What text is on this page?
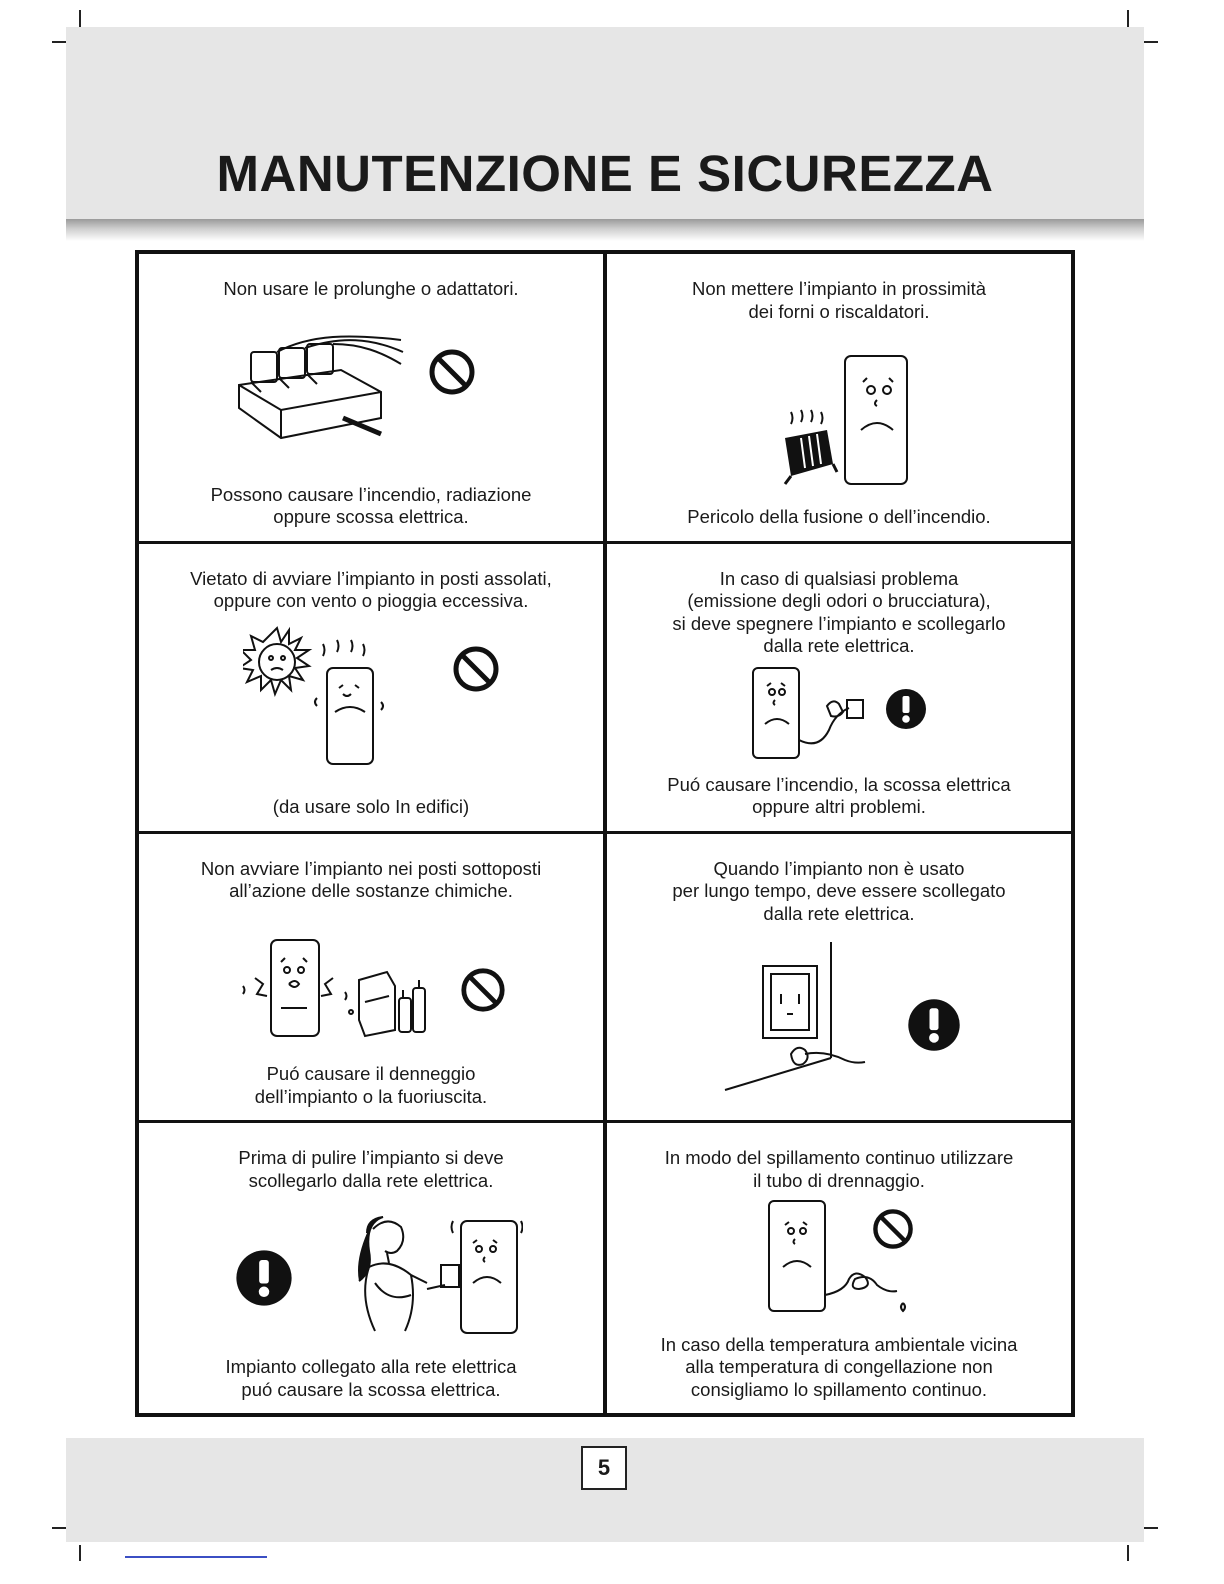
MANUTENZIONE E SICUREZZA
Non usare le prolunghe o adattatori.
Possono causare l’incendio, radiazione
oppure scossa elettrica.
Non mettere l’impianto in prossimità
dei forni o riscaldatori.
Pericolo della fusione o dell’incendio.
Vietato di avviare l’impianto in posti assolati,
oppure con vento o pioggia eccessiva.
(da usare solo In edifici)
In caso di qualsiasi problema
(emissione degli odori o brucciatura),
si deve spegnere l’impianto e scollegarlo
dalla rete elettrica.
Puó causare l’incendio, la scossa elettrica
oppure altri problemi.
Non avviare l’impianto nei posti sottoposti
all’azione delle sostanze chimiche.
Puó causare il denneggio
dell’impianto o la fuoriuscita.
Quando l’impianto non è usato
per lungo tempo, deve essere scollegato
dalla rete elettrica.
Prima di pulire l’impianto si deve
scollegarlo dalla rete elettrica.
Impianto collegato alla rete elettrica
puó causare la scossa elettrica.
In modo del spillamento continuo utilizzare
il tubo di drennaggio.
In caso della temperatura ambientale vicina
alla temperatura di congellazione non
consigliamo lo spillamento continuo.
5
